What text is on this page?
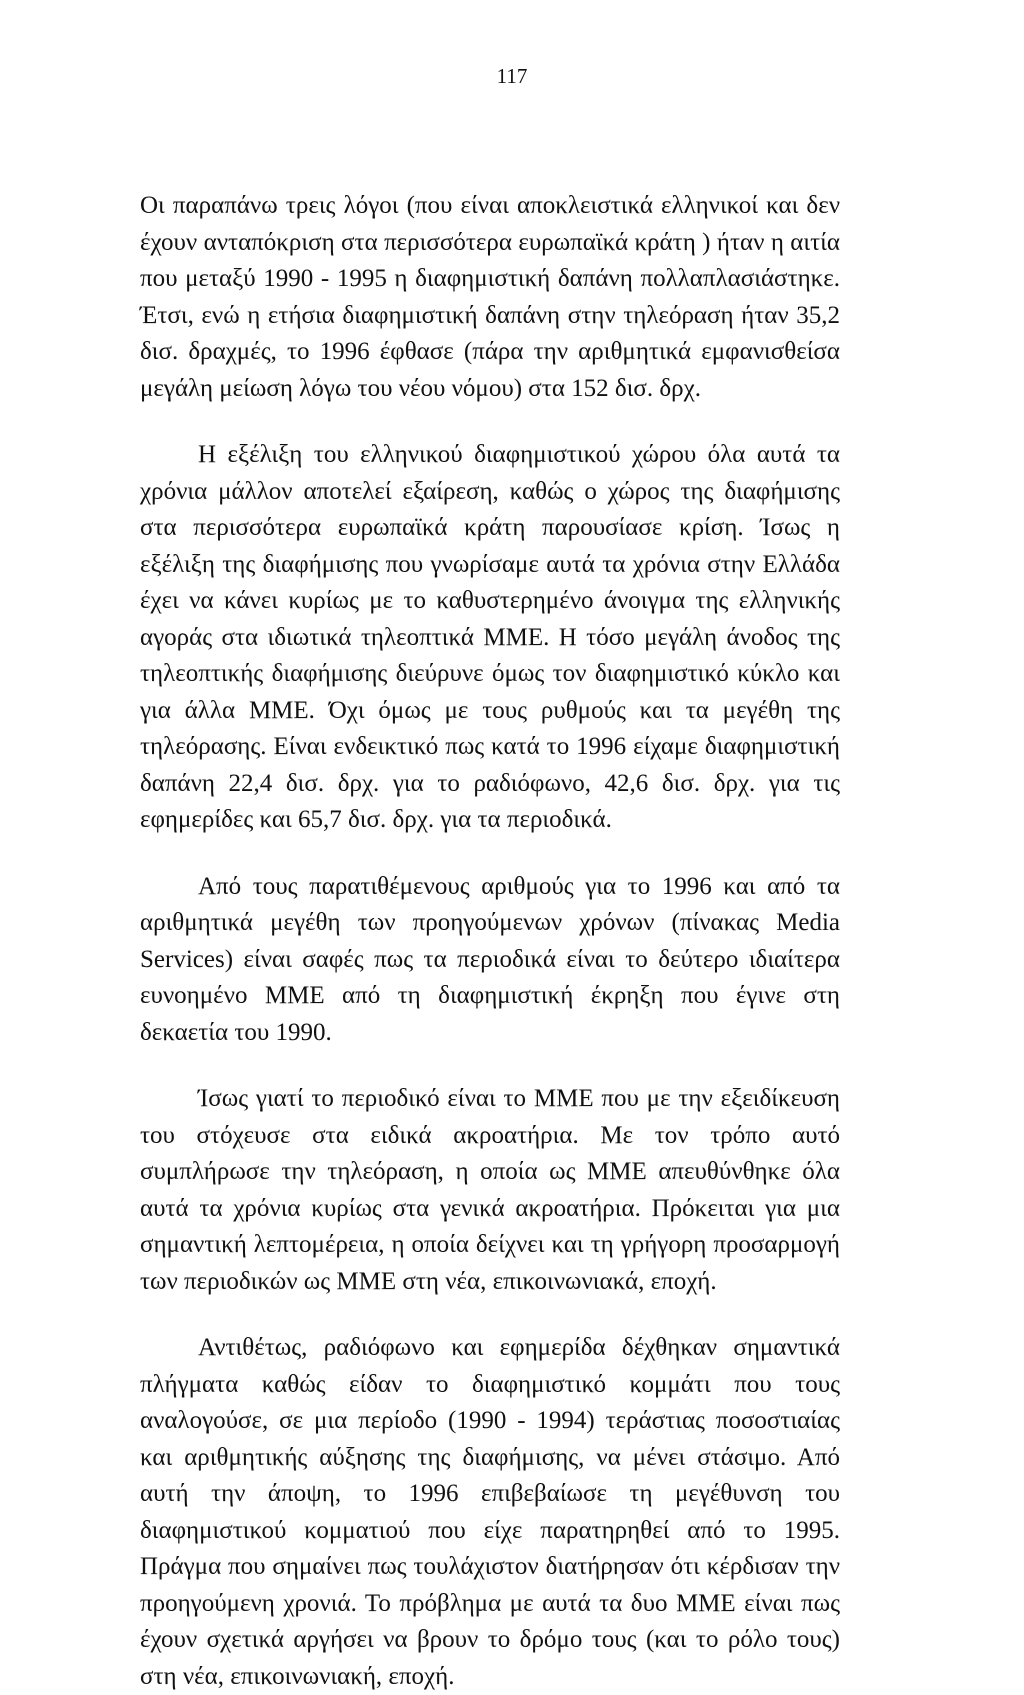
117

Οι παραπάνω τρεις λόγοι (που είναι αποκλειστικά ελληνικοί και δεν έχουν ανταπόκριση στα περισσότερα ευρωπαϊκά κράτη ) ήταν η αιτία που μεταξύ 1990 - 1995 η διαφημιστική δαπάνη πολλαπλασιάστηκε. Έτσι, ενώ η ετήσια διαφημιστική δαπάνη στην τηλεόραση ήταν 35,2 δισ. δραχμές, το 1996 έφθασε (πάρα την αριθμητικά εμφανισθείσα μεγάλη μείωση λόγω του νέου νόμου) στα 152 δισ. δρχ.

Η εξέλιξη του ελληνικού διαφημιστικού χώρου όλα αυτά τα χρόνια μάλλον αποτελεί εξαίρεση, καθώς ο χώρος της διαφήμισης στα περισσότερα ευρωπαϊκά κράτη παρουσίασε κρίση. Ίσως η εξέλιξη της διαφήμισης που γνωρίσαμε αυτά τα χρόνια στην Ελλάδα έχει να κάνει κυρίως με το καθυστερημένο άνοιγμα της ελληνικής αγοράς στα ιδιωτικά τηλεοπτικά ΜΜΕ. Η τόσο μεγάλη άνοδος της τηλεοπτικής διαφήμισης διεύρυνε όμως τον διαφημιστικό κύκλο και για άλλα ΜΜΕ. Όχι όμως με τους ρυθμούς και τα μεγέθη της τηλεόρασης. Είναι ενδεικτικό πως κατά το 1996 είχαμε διαφημιστική δαπάνη 22,4 δισ. δρχ. για το ραδιόφωνο, 42,6 δισ. δρχ. για τις εφημερίδες και 65,7 δισ. δρχ. για τα περιοδικά.

Από τους παρατιθέμενους αριθμούς για το 1996 και από τα αριθμητικά μεγέθη των προηγούμενων χρόνων (πίνακας Media Services) είναι σαφές πως τα περιοδικά είναι το δεύτερο ιδιαίτερα ευνοημένο ΜΜΕ από τη διαφημιστική έκρηξη που έγινε στη δεκαετία του 1990.

Ίσως γιατί το περιοδικό είναι το ΜΜΕ που με την εξειδίκευση του στόχευσε στα ειδικά ακροατήρια. Με τον τρόπο αυτό συμπλήρωσε την τηλεόραση, η οποία ως ΜΜΕ απευθύνθηκε όλα αυτά τα χρόνια κυρίως στα γενικά ακροατήρια. Πρόκειται για μια σημαντική λεπτομέρεια, η οποία δείχνει και τη γρήγορη προσαρμογή των περιοδικών ως ΜΜΕ στη νέα, επικοινωνιακά, εποχή.

Αντιθέτως, ραδιόφωνο και εφημερίδα δέχθηκαν σημαντικά πλήγματα καθώς είδαν το διαφημιστικό κομμάτι που τους αναλογούσε, σε μια περίοδο (1990 - 1994) τεράστιας ποσοστιαίας και αριθμητικής αύξησης της διαφήμισης, να μένει στάσιμο. Από αυτή την άποψη, το 1996 επιβεβαίωσε τη μεγέθυνση του διαφημιστικού κομματιού που είχε παρατηρηθεί από το 1995. Πράγμα που σημαίνει πως τουλάχιστον διατήρησαν ότι κέρδισαν την προηγούμενη χρονιά. Το πρόβλημα με αυτά τα δυο ΜΜΕ είναι πως έχουν σχετικά αργήσει να βρουν το δρόμο τους (και το ρόλο τους) στη νέα, επικοινωνιακή, εποχή.
